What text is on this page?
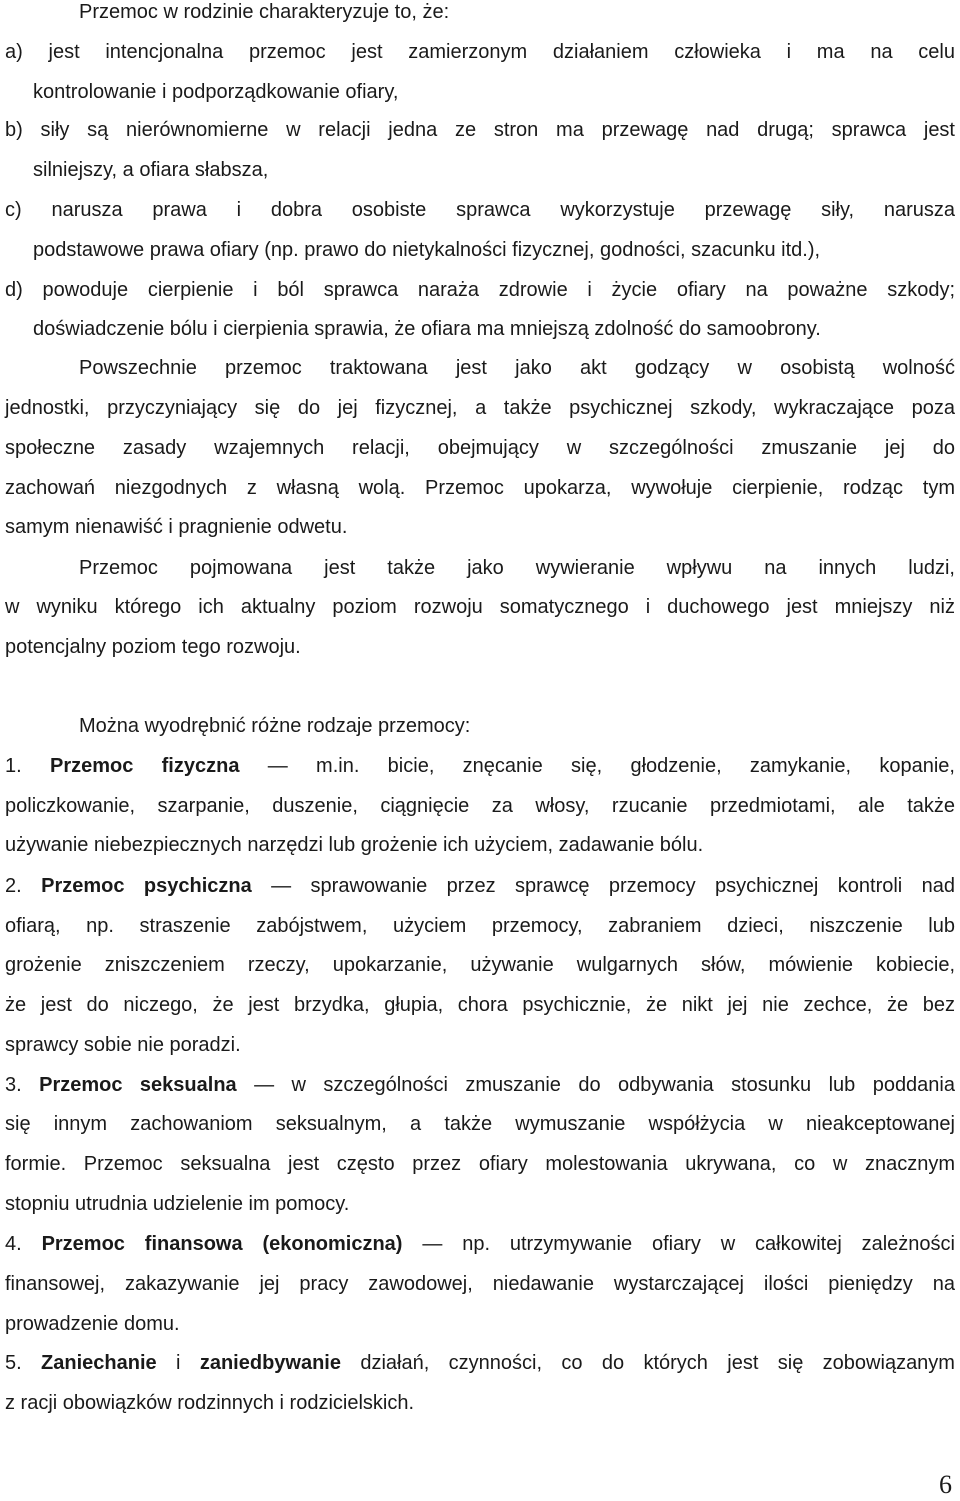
Przemoc w rodzinie charakteryzuje to, że:
a) jest intencjonalna przemoc jest zamierzonym działaniem człowieka i ma na celu
kontrolowanie i podporządkowanie ofiary,
b) siły są nierównomierne w relacji jedna ze stron ma przewagę nad drugą; sprawca jest
silniejszy, a ofiara słabsza,
c) narusza prawa i dobra osobiste sprawca wykorzystuje przewagę siły, narusza
podstawowe prawa ofiary (np. prawo do nietykalności fizycznej, godności, szacunku itd.),
d) powoduje cierpienie i ból sprawca naraża zdrowie i życie ofiary na poważne szkody;
doświadczenie bólu i cierpienia sprawia, że ofiara ma mniejszą zdolność do samoobrony.
Powszechnie przemoc traktowana jest jako akt godzący w osobistą wolność
jednostki, przyczyniający się do jej fizycznej, a także psychicznej szkody, wykraczające poza
społeczne zasady wzajemnych relacji, obejmujący w szczególności zmuszanie jej do
zachowań niezgodnych z własną wolą. Przemoc upokarza, wywołuje cierpienie, rodząc tym
samym nienawiść i pragnienie odwetu.
Przemoc pojmowana jest także jako wywieranie wpływu na innych ludzi,
w wyniku którego ich aktualny poziom rozwoju somatycznego i duchowego jest mniejszy niż
potencjalny poziom tego rozwoju.
Można wyodrębnić różne rodzaje przemocy:
1. Przemoc fizyczna — m.in. bicie, znęcanie się, głodzenie, zamykanie, kopanie,
policzkowanie, szarpanie, duszenie, ciągnięcie za włosy, rzucanie przedmiotami, ale także
używanie niebezpiecznych narzędzi lub grożenie ich użyciem, zadawanie bólu.
2. Przemoc psychiczna — sprawowanie przez sprawcę przemocy psychicznej kontroli nad
ofiarą, np. straszenie zabójstwem, użyciem przemocy, zabraniem dzieci, niszczenie lub
grożenie zniszczeniem rzeczy, upokarzanie, używanie wulgarnych słów, mówienie kobiecie,
że jest do niczego, że jest brzydka, głupia, chora psychicznie, że nikt jej nie zechce, że bez
sprawcy sobie nie poradzi.
3. Przemoc seksualna — w szczególności zmuszanie do odbywania stosunku lub poddania
się innym zachowaniom seksualnym, a także wymuszanie współżycia w nieakceptowanej
formie. Przemoc seksualna jest często przez ofiary molestowania ukrywana, co w znacznym
stopniu utrudnia udzielenie im pomocy.
4. Przemoc finansowa (ekonomiczna) — np. utrzymywanie ofiary w całkowitej zależności
finansowej, zakazywanie jej pracy zawodowej, niedawanie wystarczającej ilości pieniędzy na
prowadzenie domu.
5. Zaniechanie i zaniedbywanie działań, czynności, co do których jest się zobowiązanym
z racji obowiązków rodzinnych i rodzicielskich.
6
